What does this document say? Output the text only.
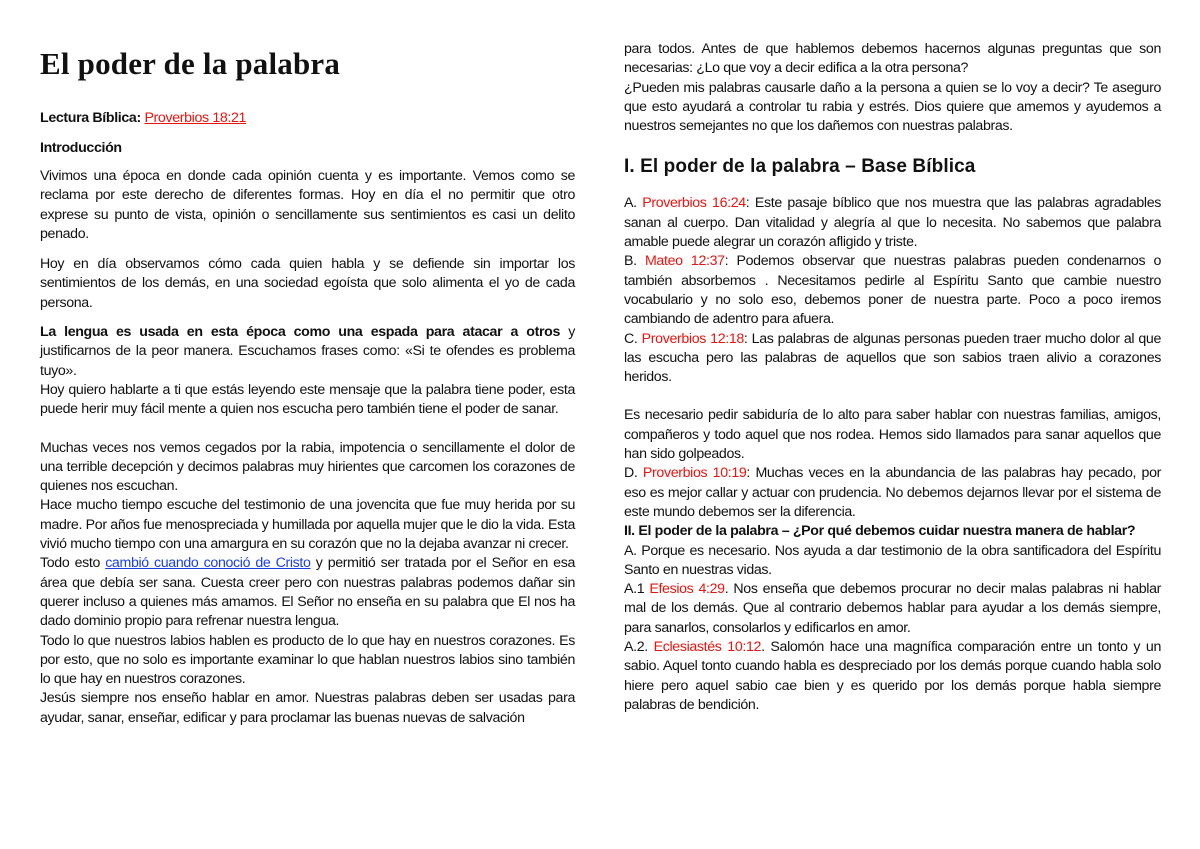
El poder de la palabra

Lectura Bíblica: Proverbios 18:21

Introducción

Vivimos una época en donde cada opinión cuenta y es importante. Vemos como se reclama por este derecho de diferentes formas. Hoy en día el no permitir que otro exprese su punto de vista, opinión o sencillamente sus sentimientos es casi un delito penado.

Hoy en día observamos cómo cada quien habla y se defiende sin importar los sentimientos de los demás, en una sociedad egoísta que solo alimenta el yo de cada persona.

La lengua es usada en esta época como una espada para atacar a otros y justificarnos de la peor manera. Escuchamos frases como: «Si te ofendes es problema tuyo».

Hoy quiero hablarte a ti que estás leyendo este mensaje que la palabra tiene poder, esta puede herir muy fácil mente a quien nos escucha pero también tiene el poder de sanar.

Muchas veces nos vemos cegados por la rabia, impotencia o sencillamente el dolor de una terrible decepción y decimos palabras muy hirientes que carcomen los corazones de quienes nos escuchan.

Hace mucho tiempo escuche del testimonio de una jovencita que fue muy herida por su madre. Por años fue menospreciada y humillada por aquella mujer que le dio la vida. Esta vivió mucho tiempo con una amargura en su corazón que no la dejaba avanzar ni crecer.

Todo esto cambió cuando conoció de Cristo y permitió ser tratada por el Señor en esa área que debía ser sana. Cuesta creer pero con nuestras palabras podemos dañar sin querer incluso a quienes más amamos. El Señor no enseña en su palabra que El nos ha dado dominio propio para refrenar nuestra lengua.

Todo lo que nuestros labios hablen es producto de lo que hay en nuestros corazones. Es por esto, que no solo es importante examinar lo que hablan nuestros labios sino también lo que hay en nuestros corazones.

Jesús siempre nos enseño hablar en amor. Nuestras palabras deben ser usadas para ayudar, sanar, enseñar, edificar y para proclamar las buenas nuevas de salvación

para todos. Antes de que hablemos debemos hacernos algunas preguntas que son necesarias: ¿Lo que voy a decir edifica a la otra persona?

¿Pueden mis palabras causarle daño a la persona a quien se lo voy a decir? Te aseguro que esto ayudará a controlar tu rabia y estrés. Dios quiere que amemos y ayudemos a nuestros semejantes no que los dañemos con nuestras palabras.

I. El poder de la palabra – Base Bíblica

A. Proverbios 16:24: Este pasaje bíblico que nos muestra que las palabras agradables sanan al cuerpo. Dan vitalidad y alegría al que lo necesita. No sabemos que palabra amable puede alegrar un corazón afligido y triste.

B. Mateo 12:37: Podemos observar que nuestras palabras pueden condenarnos o también absorbemos . Necesitamos pedirle al Espíritu Santo que cambie nuestro vocabulario y no solo eso, debemos poner de nuestra parte. Poco a poco iremos cambiando de adentro para afuera.

C. Proverbios 12:18: Las palabras de algunas personas pueden traer mucho dolor al que las escucha pero las palabras de aquellos que son sabios traen alivio a corazones heridos.

Es necesario pedir sabiduría de lo alto para saber hablar con nuestras familias, amigos, compañeros y todo aquel que nos rodea. Hemos sido llamados para sanar aquellos que han sido golpeados.

D. Proverbios 10:19: Muchas veces en la abundancia de las palabras hay pecado, por eso es mejor callar y actuar con prudencia. No debemos dejarnos llevar por el sistema de este mundo debemos ser la diferencia.

II. El poder de la palabra – ¿Por qué debemos cuidar nuestra manera de hablar?

A. Porque es necesario. Nos ayuda a dar testimonio de la obra santificadora del Espíritu Santo en nuestras vidas.

A.1 Efesios 4:29. Nos enseña que debemos procurar no decir malas palabras ni hablar mal de los demás. Que al contrario debemos hablar para ayudar a los demás siempre, para sanarlos, consolarlos y edificarlos en amor.

A.2. Eclesiastés 10:12. Salomón hace una magnífica comparación entre un tonto y un sabio. Aquel tonto cuando habla es despreciado por los demás porque cuando habla solo hiere pero aquel sabio cae bien y es querido por los demás porque habla siempre palabras de bendición.
